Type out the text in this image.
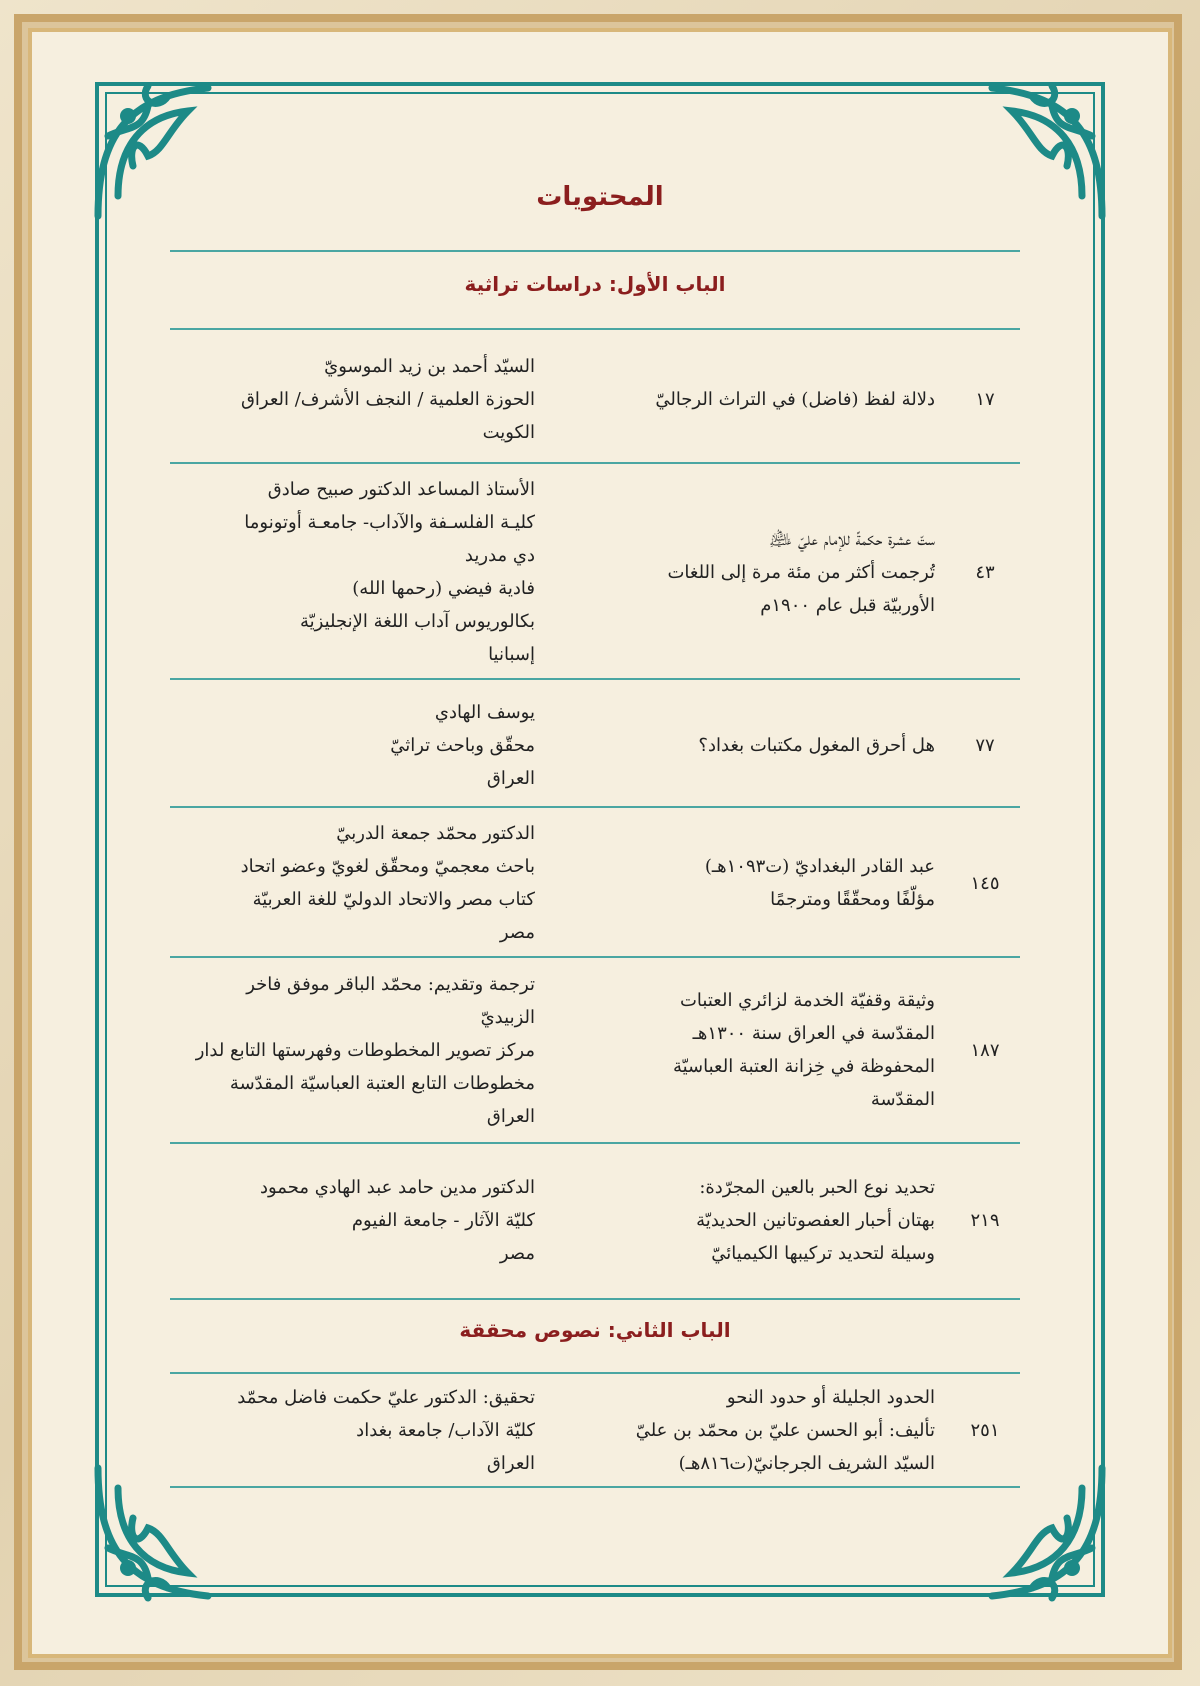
المحتويات
الباب الأول: دراسات تراثية
١٧
دلالة لفظ (فاضل) في التراث الرجاليّ
السيّد أحمد بن زيد الموسويّ
الحوزة العلمية / النجف الأشرف/ العراق
الكويت
٤٣
ستّ عشرة حكمةً للإمام عليّ ﵇
تُرجمت أكثر من مئة مرة إلى اللغات
الأوربيّة قبل عام ١٩٠٠م
الأستاذ المساعد الدكتور صبيح صادق
كليـة الفلسـفة والآداب- جامعـة أوتونوما
دي مدريد
فادية فيضي (رحمها الله)
بكالوريوس آداب اللغة الإنجليزيّة
إسبانيا
٧٧
هل أحرق المغول مكتبات بغداد؟
يوسف الهادي
محقّق وباحث تراثيّ
العراق
١٤٥
عبد القادر البغداديّ (ت١٠٩٣هـ)
مؤلّفًا ومحقّقًا ومترجمًا
الدكتور محمّد جمعة الدربيّ
باحث معجميّ ومحقّق لغويّ وعضو اتحاد
كتاب مصر والاتحاد الدوليّ للغة العربيّة
مصر
١٨٧
وثيقة وقفيّة الخدمة لزائري العتبات
المقدّسة في العراق سنة ١٣٠٠هـ
المحفوظة في خِزانة العتبة العباسيّة
المقدّسة
ترجمة وتقديم: محمّد الباقر موفق فاخر
الزبيديّ
مركز تصوير المخطوطات وفهرستها التابع لدار
مخطوطات التابع العتبة العباسيّة المقدّسة
العراق
٢١٩
تحديد نوع الحبر بالعين المجرّدة:
بهتان أحبار العفصوتانين الحديديّة
وسيلة لتحديد تركيبها الكيميائيّ
الدكتور مدين حامد عبد الهادي محمود
كليّة الآثار - جامعة الفيوم
مصر
الباب الثاني: نصوص محققة
٢٥١
الحدود الجليلة أو حدود النحو
تأليف: أبو الحسن عليّ بن محمّد بن عليّ
السيّد الشريف الجرجانيّ(ت٨١٦هـ)
تحقيق: الدكتور عليّ حكمت فاضل محمّد
كليّة الآداب/ جامعة بغداد
العراق
